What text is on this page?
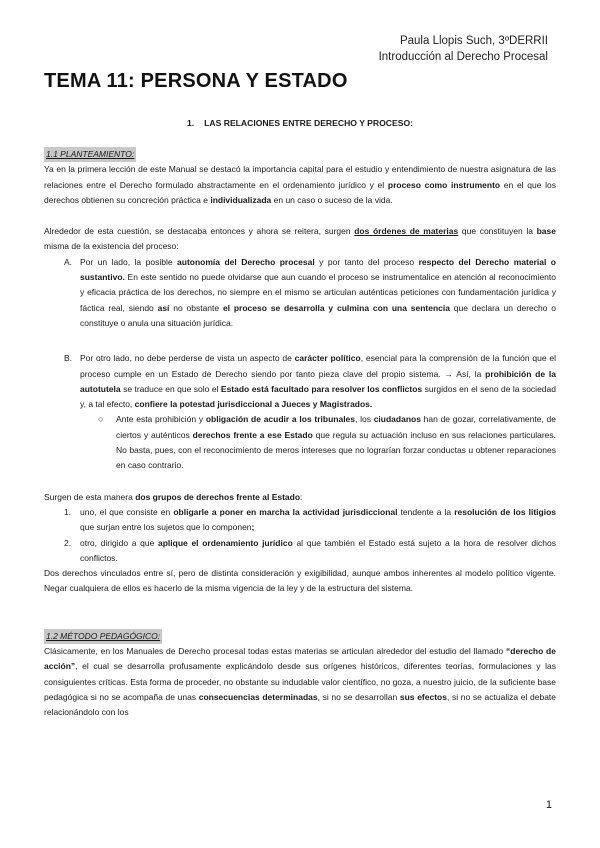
Paula Llopis Such, 3ºDERRII
Introducción al Derecho Procesal
TEMA 11: PERSONA Y ESTADO
1. LAS RELACIONES ENTRE DERECHO Y PROCESO:

1.1 PLANTEAMIENTO:

Ya en la primera lección de este Manual se destacó la importancia capital para el estudio y entendimiento de nuestra asignatura de las relaciones entre el Derecho formulado abstractamente en el ordenamiento jurídico y el proceso como instrumento en el que los derechos obtienen su concreción práctica e individualizada en un caso o suceso de la vida.

Alrededor de esta cuestión, se destacaba entonces y ahora se reitera, surgen dos órdenes de materias que constituyen la base misma de la existencia del proceso:

A. Por un lado, la posible autonomía del Derecho procesal y por tanto del proceso respecto del Derecho material o sustantivo. En este sentido no puede olvidarse que aun cuando el proceso se instrumentalice en atención al reconocimiento y eficacia práctica de los derechos, no siempre en el mismo se articulan auténticas peticiones con fundamentación jurídica y fáctica real, siendo así no obstante el proceso se desarrolla y culmina con una sentencia que declara un derecho o constituye o anula una situación jurídica.
B. Por otro lado, no debe perderse de vista un aspecto de carácter político, esencial para la comprensión de la función que el proceso cumple en un Estado de Derecho siendo por tanto pieza clave del propio sistema. → Así, la prohibición de la autotutela se traduce en que solo el Estado está facultado para resolver los conflictos surgidos en el seno de la sociedad y, a tal efecto, confiere la potestad jurisdiccional a Jueces y Magistrados.
○	Ante esta prohibición y obligación de acudir a los tribunales, los ciudadanos han de gozar, correlativamente, de ciertos y auténticos derechos frente a ese Estado que regula su actuación incluso en sus relaciones particulares. No basta, pues, con el reconocimiento de meros intereses que no lograrían forzar conductas u obtener reparaciones en caso contrario.

Surgen de esta manera dos grupos de derechos frente al Estado:

1.	uno, el que consiste en obligarle a poner en marcha la actividad jurisdiccional tendente a la resolución de los litigios que surjan entre los sujetos que lo componen;
2.	otro, dirigido a que aplique el ordenamiento jurídico al que también el Estado está sujeto a la hora de resolver dichos conflictos.

Dos derechos vinculados entre sí, pero de distinta consideración y exigibilidad, aunque ambos inherentes al modelo político vigente. Negar cualquiera de ellos es hacerlo de la misma vigencia de la ley y de la estructura del sistema.

1.2 MÉTODO PEDAGÓGICO:

Clásicamente, en los Manuales de Derecho procesal todas estas materias se articulan alrededor del estudio del llamado “derecho de acción”, el cual se desarrolla profusamente explicándolo desde sus orígenes históricos, diferentes teorías, formulaciones y las consiguientes críticas. Esta forma de proceder, no obstante su indudable valor científico, no goza, a nuestro juicio, de la suficiente base pedagógica si no se acompaña de unas consecuencias determinadas, si no se desarrollan sus efectos, si no se actualiza el debate relacionándolo con los

1
